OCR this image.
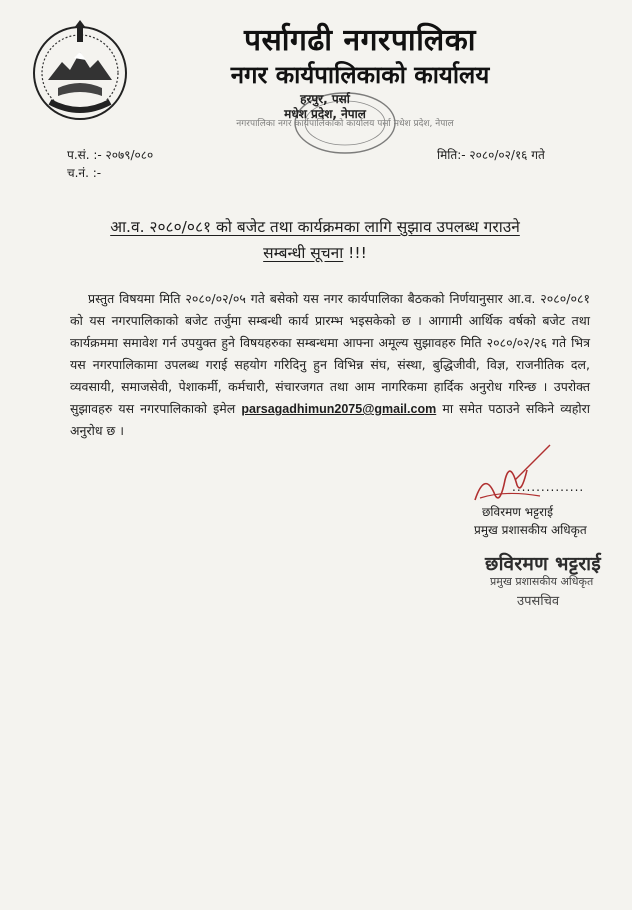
पर्सागढी नगरपालिका
नगर कार्यपालिकाको कार्यालय
नगरपालिका नगर कार्यपालिकाको कार्यालय पर्सा मधेश प्रदेश, नेपाल
हरपुर, पर्सा
मधेश प्रदेश, नेपाल
प.सं. :- २०७९/०८०
च.नं. :-
मिति:- २०८०/०२/१६ गते
आ.व. २०८०/०८१ को बजेट तथा कार्यक्रमका लागि सुझाव उपलब्ध गराउने
सम्बन्धी सूचना !!!

प्रस्तुत विषयमा मिति २०८०/०२/०५ गते बसेको यस नगर कार्यपालिका बैठकको निर्णयानुसार आ.व. २०८०/०८१ को यस नगरपालिकाको बजेट तर्जुमा सम्बन्धी कार्य प्रारम्भ भइसकेको छ । आगामी आर्थिक वर्षको बजेट तथा कार्यक्रममा समावेश गर्न उपयुक्त हुने विषयहरुका सम्बन्धमा आफ्ना अमूल्य सुझावहरु मिति २०८०/०२/२६ गते भित्र यस नगरपालिकामा उपलब्ध गराई सहयोग गरिदिनु हुन विभिन्न संघ, संस्था, बुद्धिजीवी, विज्ञ, राजनीतिक दल, व्यवसायी, समाजसेवी, पेशाकर्मी, कर्मचारी, संचारजगत तथा आम नागरिकमा हार्दिक अनुरोध गरिन्छ । उपरोक्त सुझावहरु यस नगरपालिकाको इमेल parsagadhimun2075@gmail.com मा समेत पठाउने सकिने व्यहोरा अनुरोध छ ।

...............
छविरमण भट्टराई
प्रमुख प्रशासकीय अधिकृत
छविरमण भट्टराई
प्रमुख प्रशासकीय अधिकृत
उपसचिव
